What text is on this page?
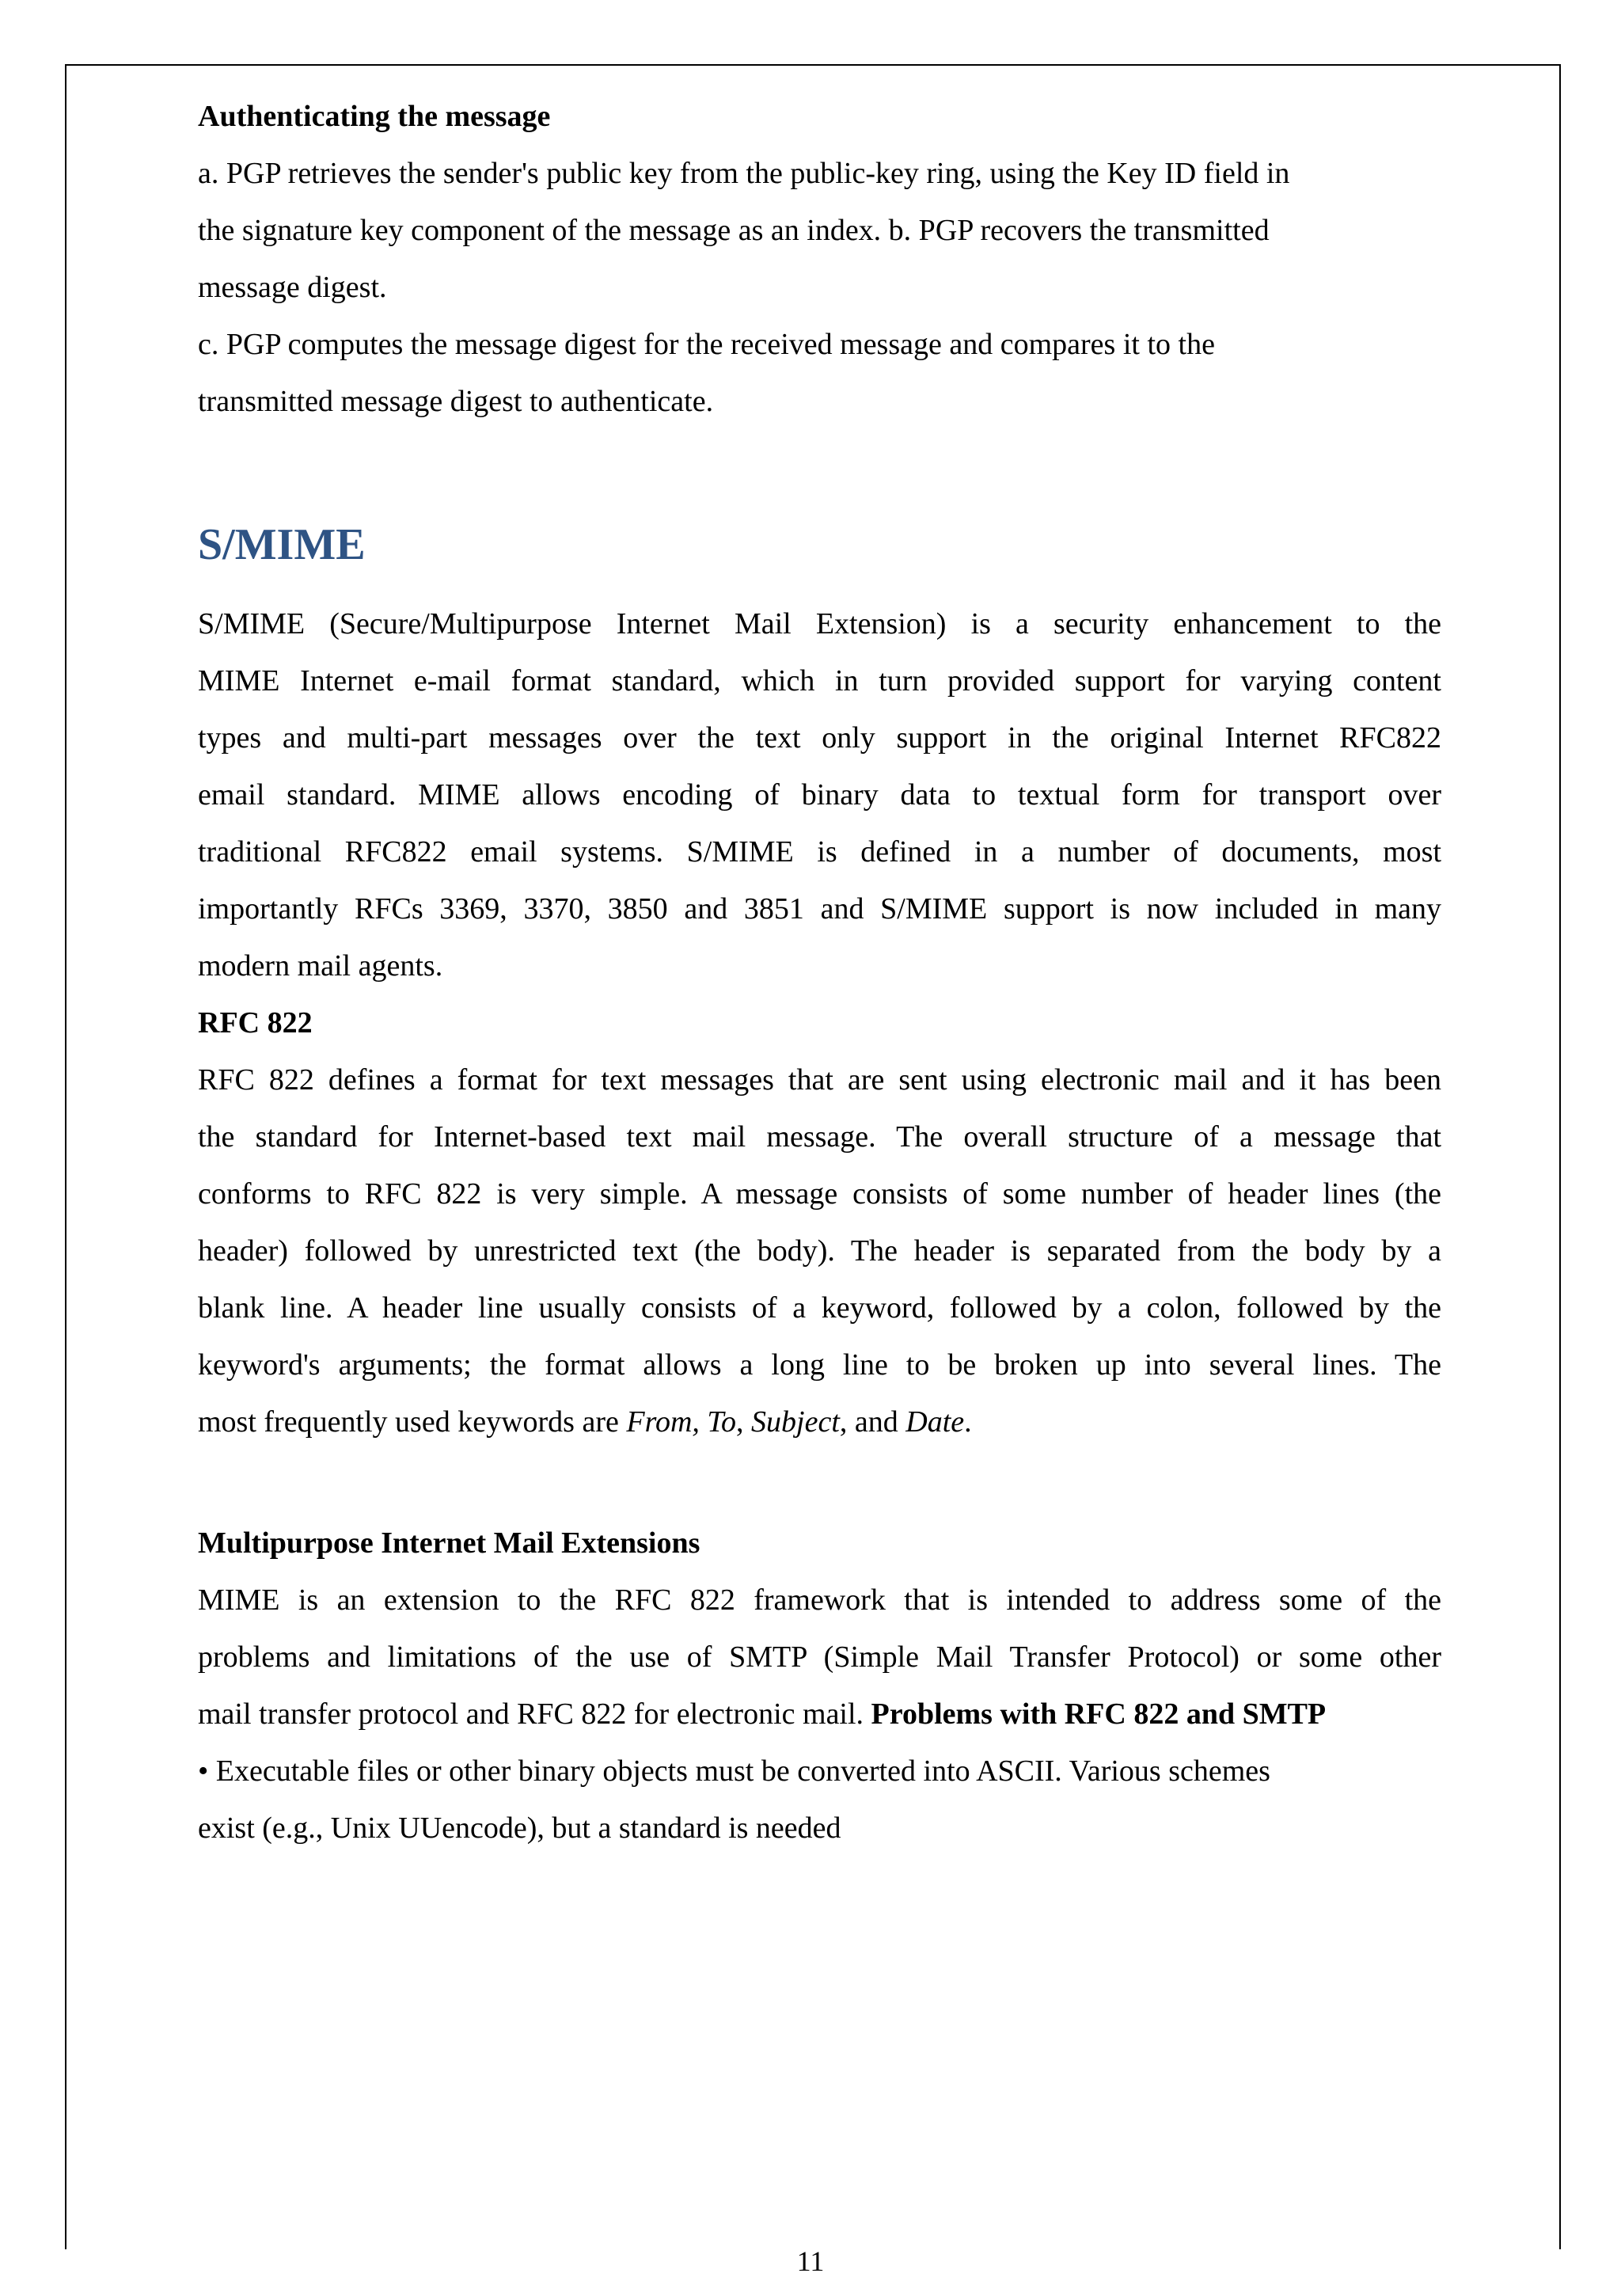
Authenticating the message
a. PGP retrieves the sender's public key from the public-key ring, using the Key ID field in
the signature key component of the message as an index. b. PGP recovers the transmitted
message digest.
c. PGP computes the message digest for the received message and compares it to the
transmitted message digest to authenticate.
S/MIME
S/MIME (Secure/Multipurpose Internet Mail Extension) is a security enhancement to the
MIME Internet e-mail format standard, which in turn provided support for varying content
types and multi-part messages over the text only support in the original Internet RFC822
email standard. MIME allows encoding of binary data to textual form for transport over
traditional RFC822 email systems. S/MIME is defined in a number of documents, most
importantly RFCs 3369, 3370, 3850 and 3851 and S/MIME support is now included in many
modern mail agents.
RFC 822
RFC 822 defines a format for text messages that are sent using electronic mail and it has been
the standard for Internet-based text mail message. The overall structure of a message that
conforms to RFC 822 is very simple. A message consists of some number of header lines (the
header) followed by unrestricted text (the body). The header is separated from the body by a
blank line. A header line usually consists of a keyword, followed by a colon, followed by the
keyword's arguments; the format allows a long line to be broken up into several lines. The
most frequently used keywords are From, To, Subject, and Date.
Multipurpose Internet Mail Extensions
MIME is an extension to the RFC 822 framework that is intended to address some of the
problems and limitations of the use of SMTP (Simple Mail Transfer Protocol) or some other
mail transfer protocol and RFC 822 for electronic mail. Problems with RFC 822 and SMTP
• Executable files or other binary objects must be converted into ASCII. Various schemes
exist (e.g., Unix UUencode), but a standard is needed
11
